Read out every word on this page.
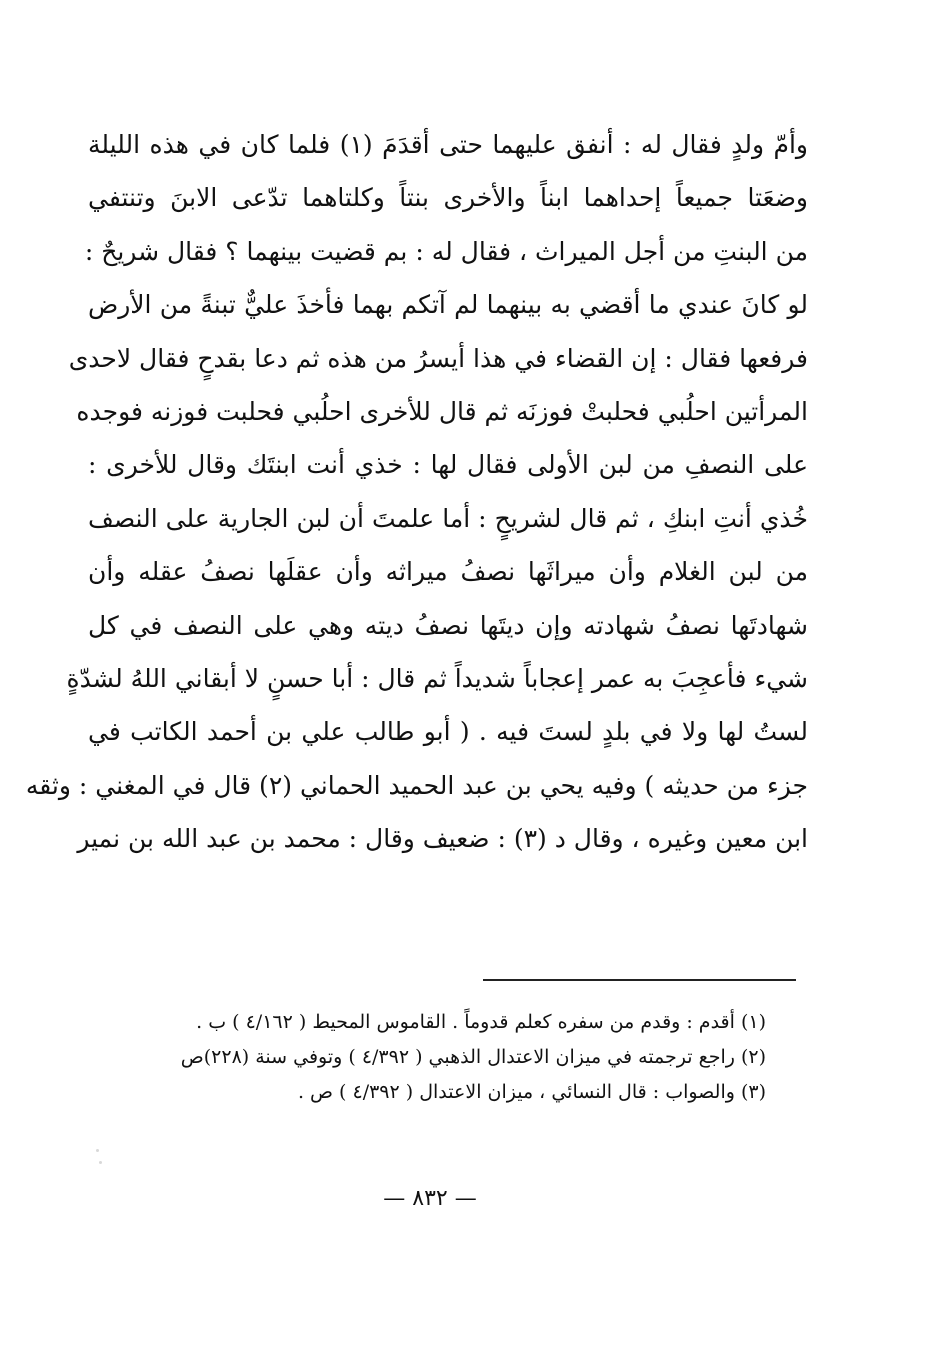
وأمّ ولدٍ فقال له : أنفق عليهما حتى أقدَمَ (١) فلما كان في هذه الليلة
وضعَتا جميعاً إحداهما ابناً والأخرى بنتاً وكلتاهما تدّعى الابنَ وتنتفي
من البنتِ من أجل الميراث ، فقال له : بم قضيت بينهما ؟ فقال شريحٌ :
لو كانَ عندي ما أقضي به بينهما لم آتكم بهما فأخذَ عليٌّ تبنةً من الأرض
فرفعها فقال : إن القضاء في هذا أيسرُ من هذه ثم دعا بقدحٍ فقال لاحدى
المرأتين احلُبي فحلبتْ فوزنَه ثم قال للأخرى احلُبي فحلبت فوزنه فوجده
على النصفِ من لبن الأولى فقال لها : خذي أنت ابنتَك وقال للأخرى :
خُذي أنتِ ابنكِ ، ثم قال لشريحٍ : أما علمتَ أن لبن الجارية على النصف
من لبن الغلام وأن ميراثَها نصفُ ميراثه وأن عقلَها نصفُ عقله وأن
شهادتَها نصفُ شهادته وإن ديتَها نصفُ ديته وهي على النصف في كل
شيء فأعجِبَ به عمر إعجاباً شديداً ثم قال : أبا حسنٍ لا أبقاني اللهُ لشدّةٍ
لستُ لها ولا في بلدٍ لستَ فيه . ( أبو طالب علي بن أحمد الكاتب في
جزء من حديثه ) وفيه يحي بن عبد الحميد الحماني (٢) قال في المغني : وثقه
ابن معين وغيره ، وقال د (٣) : ضعيف وقال : محمد بن عبد الله بن نمير
(١) أقدم : وقدم من سفره كعلم قدوماً . القاموس المحيط ( ٤/١٦٢ ) ب .
(٢) راجع ترجمته في ميزان الاعتدال الذهبي ( ٤/٣٩٢ ) وتوفي سنة (٢٢٨)ص
(٣) والصواب : قال النسائي ، ميزان الاعتدال ( ٤/٣٩٢ ) ص .
— ٨٣٢ —
